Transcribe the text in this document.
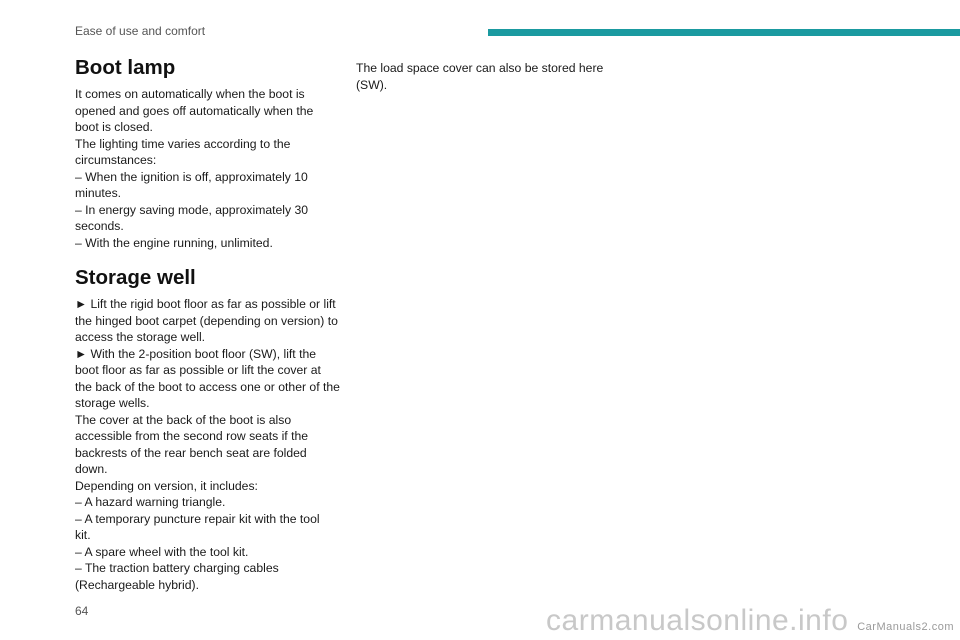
Ease of use and comfort
Boot lamp

It comes on automatically when the boot is

opened and goes off automatically when the

boot is closed.

The lighting time varies according to the

circumstances:

– When the ignition is off, approximately 10

minutes.

– In energy saving mode, approximately 30

seconds.

– With the engine running, unlimited.

Storage well

► Lift the rigid boot floor as far as possible or lift

the hinged boot carpet (depending on version) to

access the storage well.

► With the 2-position boot floor (SW), lift the

boot floor as far as possible or lift the cover at

the back of the boot to access one or other of the

storage wells.

The cover at the back of the boot is also

accessible from the second row seats if the

backrests of the rear bench seat are folded

down.

Depending on version, it includes:

– A hazard warning triangle.

– A temporary puncture repair kit with the tool

kit.

– A spare wheel with the tool kit.

– The traction battery charging cables

(Rechargeable hybrid).

The load space cover can also be stored here

(SW).

64	carmanualsonline.info CarManuals2.com
